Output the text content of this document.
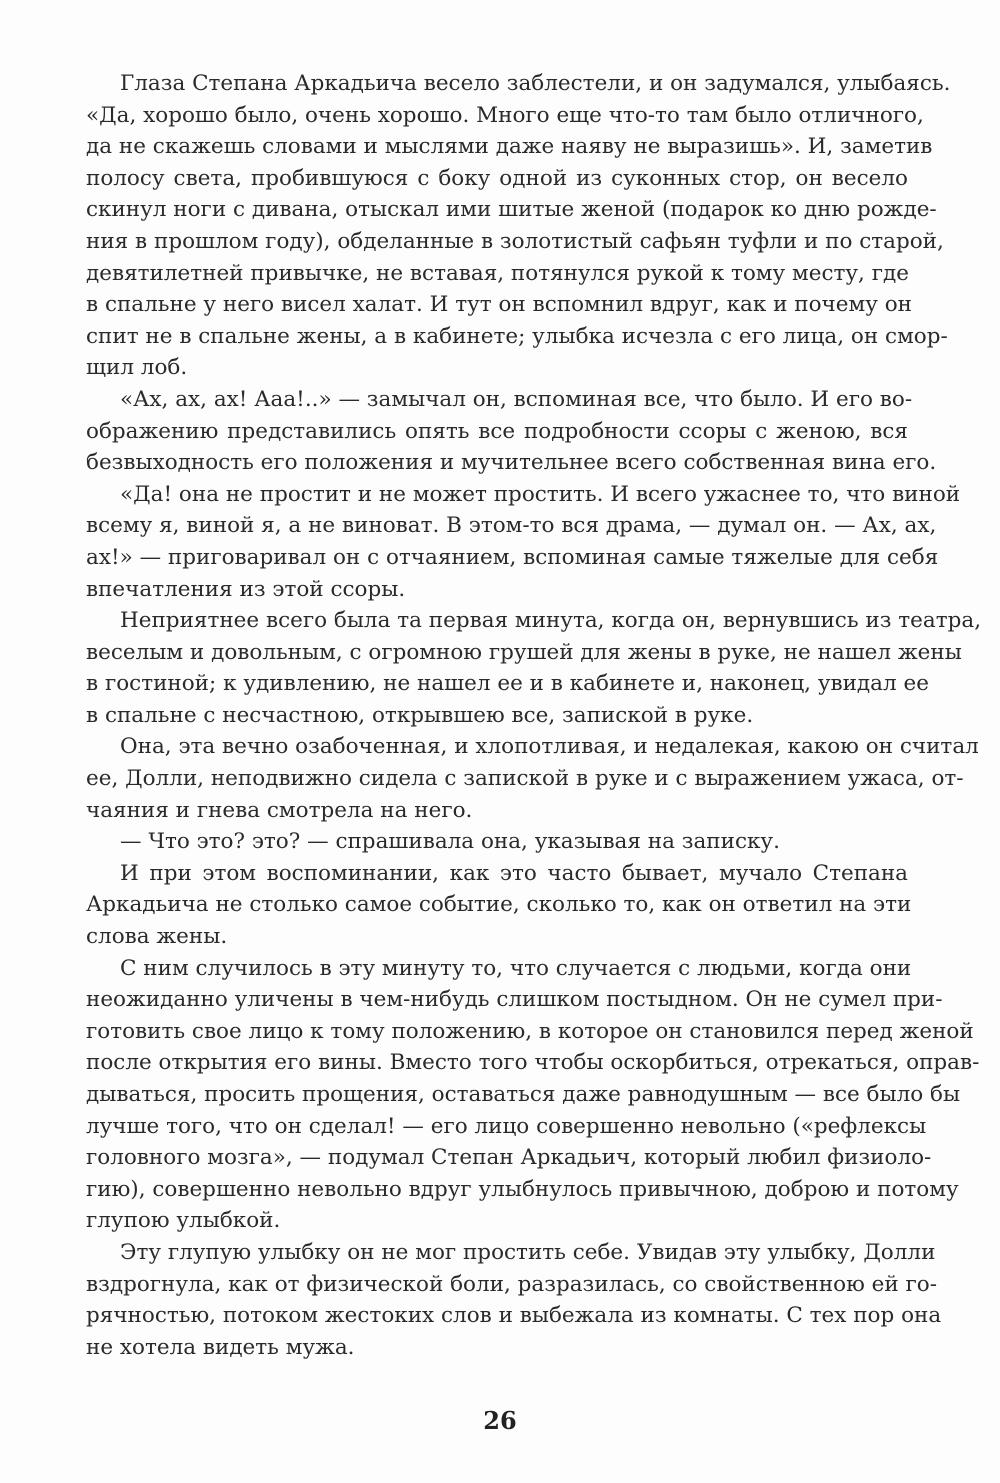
Глаза Степана Аркадьича весело заблестели, и он задумался, улыбаясь.
«Да, хорошо было, очень хорошо. Много еще что-то там было отличного,
да не скажешь словами и мыслями даже наяву не выразишь». И, заметив
полосу света, пробившуюся с боку одной из суконных стор, он весело
скинул ноги с дивана, отыскал ими шитые женой (подарок ко дню рожде-
ния в прошлом году), обделанные в золотистый сафьян туфли и по старой,
девятилетней привычке, не вставая, потянулся рукой к тому месту, где
в спальне у него висел халат. И тут он вспомнил вдруг, как и почему он
спит не в спальне жены, а в кабинете; улыбка исчезла с его лица, он смор-
щил лоб.
«Ах, ах, ах! Ааа!..» — замычал он, вспоминая все, что было. И его во-
ображению представились опять все подробности ссоры с женою, вся
безвыходность его положения и мучительнее всего собственная вина его.
«Да! она не простит и не может простить. И всего ужаснее то, что виной
всему я, виной я, а не виноват. В этом-то вся драма, — думал он. — Ах, ах,
ах!» — приговаривал он с отчаянием, вспоминая самые тяжелые для себя
впечатления из этой ссоры.
Неприятнее всего была та первая минута, когда он, вернувшись из театра,
веселым и довольным, с огромною грушей для жены в руке, не нашел жены
в гостиной; к удивлению, не нашел ее и в кабинете и, наконец, увидал ее
в спальне с несчастною, открывшею все, запиской в руке.
Она, эта вечно озабоченная, и хлопотливая, и недалекая, какою он считал
ее, Долли, неподвижно сидела с запиской в руке и с выражением ужаса, от-
чаяния и гнева смотрела на него.
— Что это? это? — спрашивала она, указывая на записку.
И при этом воспоминании, как это часто бывает, мучало Степана
Аркадьича не столько самое событие, сколько то, как он ответил на эти
слова жены.
С ним случилось в эту минуту то, что случается с людьми, когда они
неожиданно уличены в чем-нибудь слишком постыдном. Он не сумел при-
готовить свое лицо к тому положению, в которое он становился перед женой
после открытия его вины. Вместо того чтобы оскорбиться, отрекаться, оправ-
дываться, просить прощения, оставаться даже равнодушным — все было бы
лучше того, что он сделал! — его лицо совершенно невольно («рефлексы
головного мозга», — подумал Степан Аркадьич, который любил физиоло-
гию), совершенно невольно вдруг улыбнулось привычною, доброю и потому
глупою улыбкой.
Эту глупую улыбку он не мог простить себе. Увидав эту улыбку, Долли
вздрогнула, как от физической боли, разразилась, со свойственною ей го-
рячностью, потоком жестоких слов и выбежала из комнаты. С тех пор она
не хотела видеть мужа.
26
